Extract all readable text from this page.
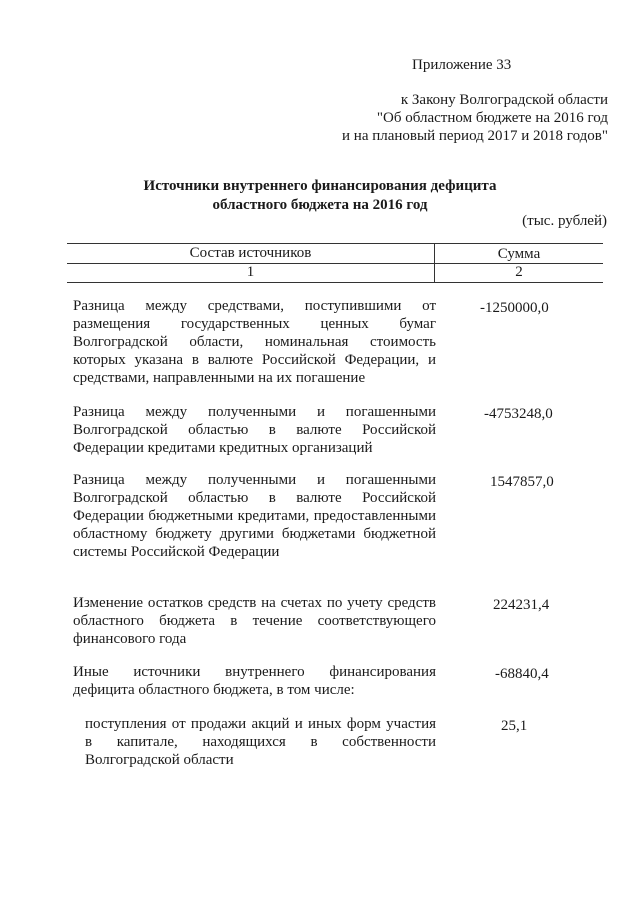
Приложение 33
к Закону Волгоградской области
"Об областном бюджете на 2016 год
и на плановый период 2017 и 2018 годов"
Источники внутреннего финансирования дефицита
областного бюджета на 2016 год
(тыс. рублей)
Состав источников	Сумма
1	2
Разница между средствами, поступившими от размещения государственных ценных бумаг Волгоградской области, номинальная стоимость которых указана в валюте Российской Федерации, и средствами, направленными на их погашение
-1250000,0
Разница между полученными и погашенными Волгоградской областью в валюте Российской Федерации кредитами кредитных организаций
-4753248,0
Разница между полученными и погашенными Волгоградской областью в валюте Российской Федерации бюджетными кредитами, предоставленными областному бюджету другими бюджетами бюджетной системы Российской Федерации
1547857,0
Изменение остатков средств на счетах по учету средств областного бюджета в течение соответствующего финансового года
224231,4
Иные источники внутреннего финансирования дефицита областного бюджета, в том числе:
-68840,4
поступления от продажи акций и иных форм участия в капитале, находящихся в собственности Волгоградской области
25,1
